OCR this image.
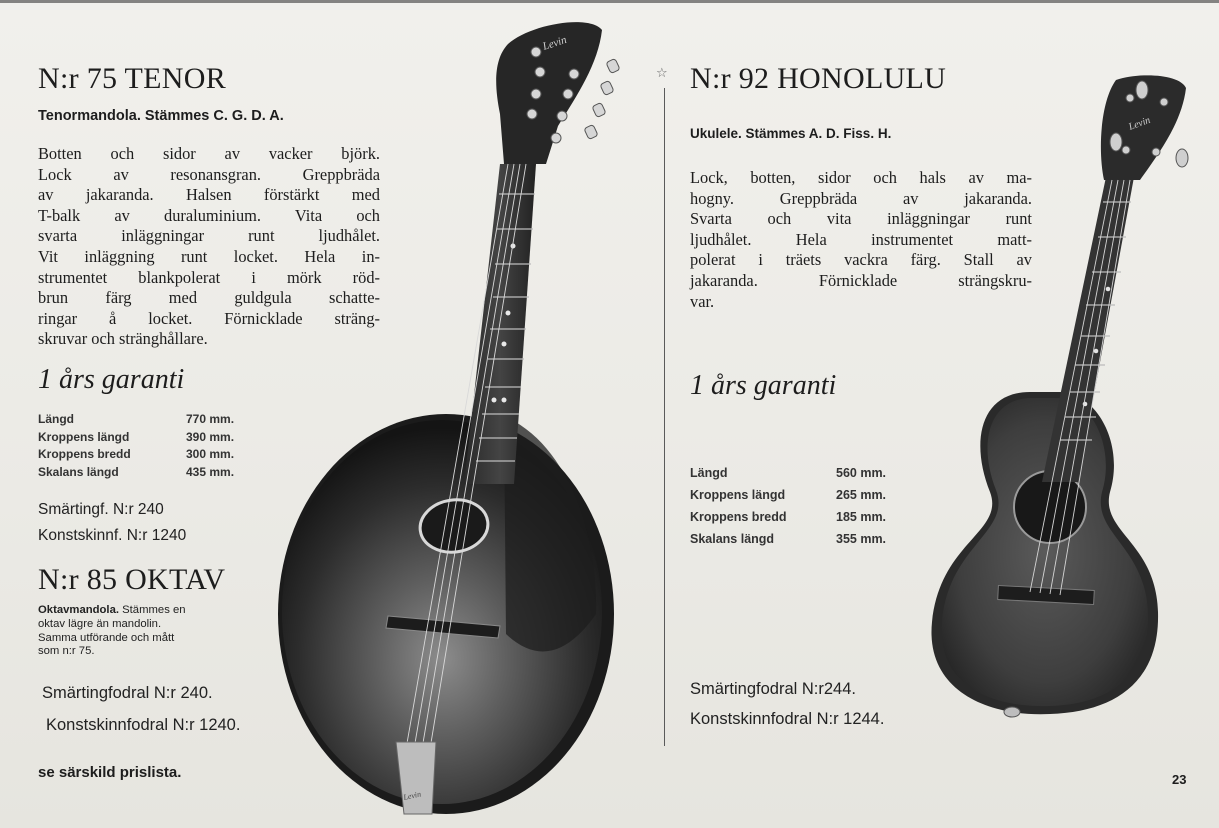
N:r 75 TENOR
Tenormandola. Stämmes C. G. D. A.
Botten och sidor av vacker björk.
Lock av resonansgran. Greppbräda
av jakaranda. Halsen förstärkt med
T-balk av duraluminium. Vita och
svarta inläggningar runt ljudhålet.
Vit inläggning runt locket. Hela in-
strumentet blankpolerat i mörk röd-
brun färg med guldgula schatte-
ringar å locket. Förnicklade sträng-
skruvar och stränghållare.
1 års garanti
Längd	770 mm.
Kroppens längd	390 mm.
Kroppens bredd	300 mm.
Skalans längd	435 mm.
Smärtingf. N:r 240
Konstskinnf. N:r 1240
N:r 85 OKTAV
Oktavmandola. Stämmes en
oktav lägre än mandolin.
Samma utförande och mått
som n:r 75.
Smärtingfodral N:r 240.
Konstskinnfodral N:r 1240.
se särskild prislista.
Levin
Levin
☆ N:r 92 HONOLULU
Ukulele. Stämmes A. D. Fiss. H.
Lock, botten, sidor och hals av ma-
hogny. Greppbräda av jakaranda.
Svarta och vita inläggningar runt
ljudhålet. Hela instrumentet matt-
polerat i träets vackra färg. Stall av
jakaranda. Förnicklade strängskru-
var.
1 års garanti
Längd	560 mm.
Kroppens längd	265 mm.
Kroppens bredd	185 mm.
Skalans längd	355 mm.
Smärtingfodral N:r244.
Konstskinnfodral N:r 1244.
Levin
23
